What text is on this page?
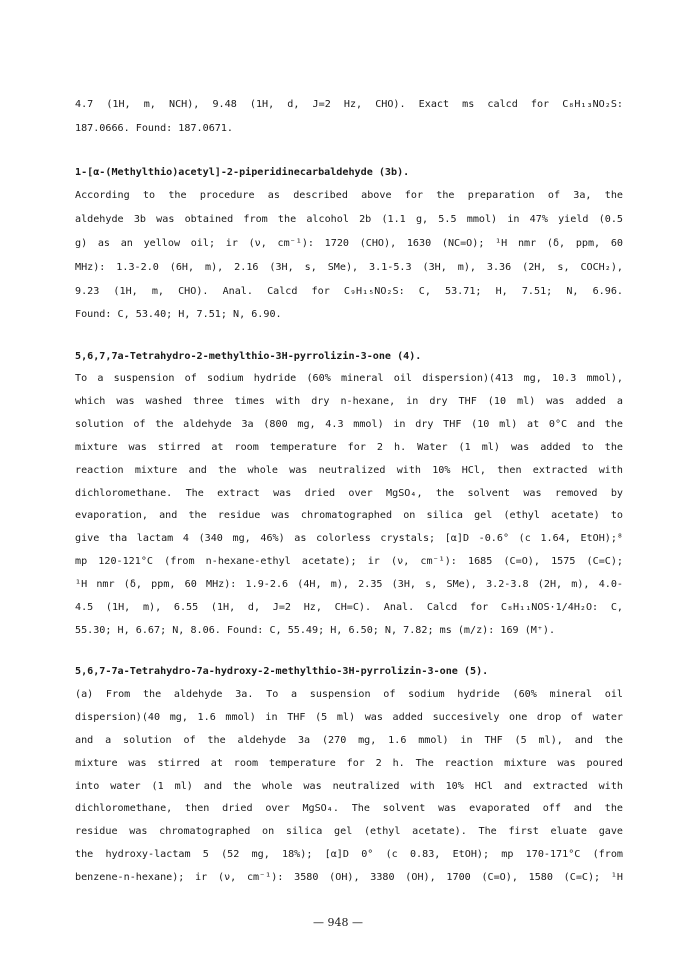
4.7 (1H, m, NCH), 9.48 (1H, d, J=2 Hz, CHO). Exact ms calcd for C₈H₁₃NO₂S:
187.0666. Found: 187.0671.
1-[α-(Methylthio)acetyl]-2-piperidinecarbaldehyde (3b).
According to the procedure as described above for the preparation of 3a, the
aldehyde 3b was obtained from the alcohol 2b (1.1 g, 5.5 mmol) in 47% yield (0.5
g) as an yellow oil; ir (ν, cm⁻¹): 1720 (CHO), 1630 (NC=O); ¹H nmr (δ, ppm, 60
MHz): 1.3-2.0 (6H, m), 2.16 (3H, s, SMe), 3.1-5.3 (3H, m), 3.36 (2H, s, COCH₂),
9.23 (1H, m, CHO). Anal. Calcd for C₉H₁₅NO₂S: C, 53.71; H, 7.51; N, 6.96.
Found: C, 53.40; H, 7.51; N, 6.90.
5,6,7,7a-Tetrahydro-2-methylthio-3H-pyrrolizin-3-one (4).
To a suspension of sodium hydride (60% mineral oil dispersion)(413 mg, 10.3 mmol),
which was washed three times with dry n-hexane, in dry THF (10 ml) was added a
solution of the aldehyde 3a (800 mg, 4.3 mmol) in dry THF (10 ml) at 0°C and the
mixture was stirred at room temperature for 2 h. Water (1 ml) was added to the
reaction mixture and the whole was neutralized with 10% HCl, then extracted with
dichloromethane. The extract was dried over MgSO₄, the solvent was removed by
evaporation, and the residue was chromatographed on silica gel (ethyl acetate) to
give tha lactam 4 (340 mg, 46%) as colorless crystals; [α]D -0.6° (c 1.64, EtOH);⁸
mp 120-121°C (from n-hexane-ethyl acetate); ir (ν, cm⁻¹): 1685 (C=O), 1575 (C=C);
¹H nmr (δ, ppm, 60 MHz): 1.9-2.6 (4H, m), 2.35 (3H, s, SMe), 3.2-3.8 (2H, m), 4.0-
4.5 (1H, m), 6.55 (1H, d, J=2 Hz, CH=C). Anal. Calcd for C₈H₁₁NOS·1/4H₂O: C,
55.30; H, 6.67; N, 8.06. Found: C, 55.49; H, 6.50; N, 7.82; ms (m/z): 169 (M⁺).
5,6,7-7a-Tetrahydro-7a-hydroxy-2-methylthio-3H-pyrrolizin-3-one (5).
(a) From the aldehyde 3a. To a suspension of sodium hydride (60% mineral oil
dispersion)(40 mg, 1.6 mmol) in THF (5 ml) was added succesively one drop of water
and a solution of the aldehyde 3a (270 mg, 1.6 mmol) in THF (5 ml), and the
mixture was stirred at room temperature for 2 h. The reaction mixture was poured
into water (1 ml) and the whole was neutralized with 10% HCl and extracted with
dichloromethane, then dried over MgSO₄. The solvent was evaporated off and the
residue was chromatographed on silica gel (ethyl acetate). The first eluate gave
the hydroxy-lactam 5 (52 mg, 18%); [α]D 0° (c 0.83, EtOH); mp 170-171°C (from
benzene-n-hexane); ir (ν, cm⁻¹): 3580 (OH), 3380 (OH), 1700 (C=O), 1580 (C=C); ¹H
— 948 —
